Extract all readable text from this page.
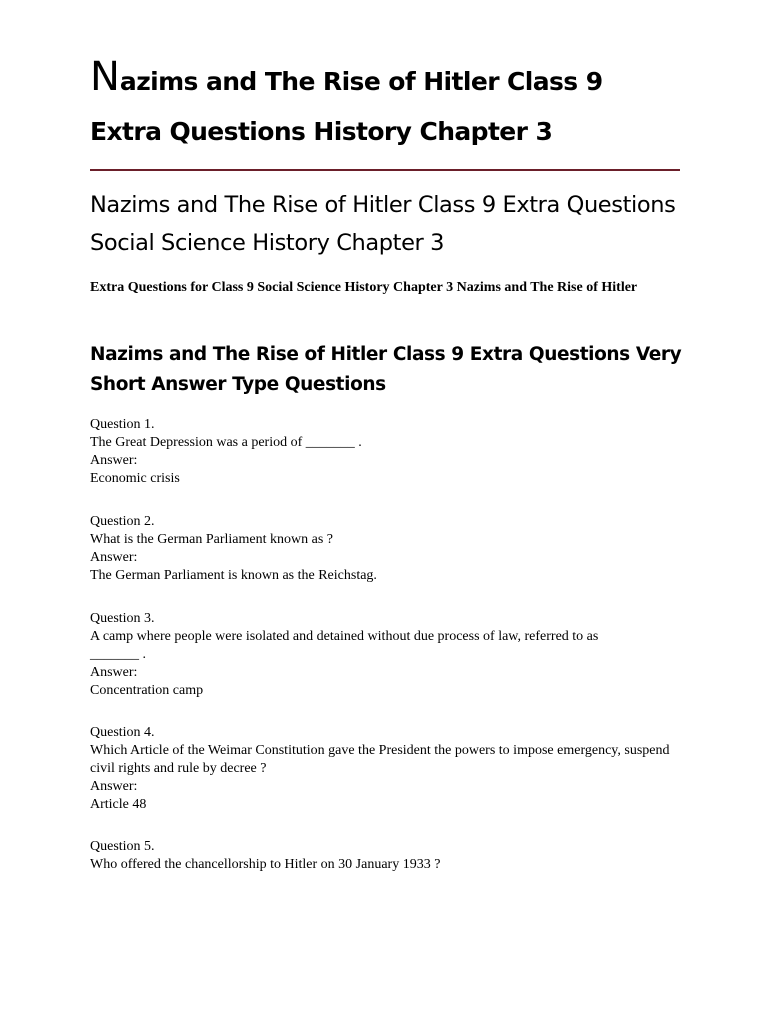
Nazims and The Rise of Hitler Class 9
Extra Questions History Chapter 3
Nazims and The Rise of Hitler Class 9 Extra Questions Social Science History Chapter 3

Extra Questions for Class 9 Social Science History Chapter 3 Nazims and The Rise of Hitler

Nazims and The Rise of Hitler Class 9 Extra Questions Very Short Answer Type Questions
Question 1.
The Great Depression was a period of _______ .
Answer:
Economic crisis
Question 2.
What is the German Parliament known as ?
Answer:
The German Parliament is known as the Reichstag.
Question 3.
A camp where people were isolated and detained without due process of law, referred to as _______ .
Answer:
Concentration camp
Question 4.
Which Article of the Weimar Constitution gave the President the powers to impose emergency, suspend civil rights and rule by decree ?
Answer:
Article 48
Question 5.
Who offered the chancellorship to Hitler on 30 January 1933 ?
